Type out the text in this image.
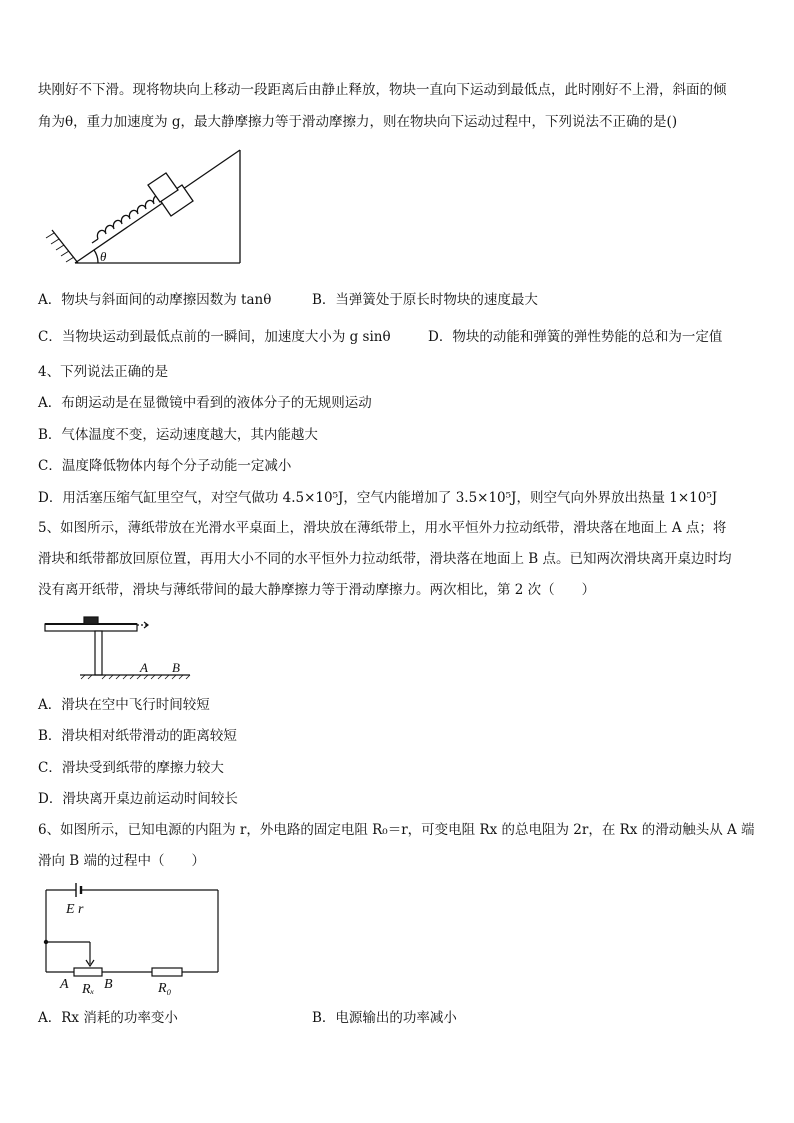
块刚好不下滑。现将物块向上移动一段距离后由静止释放，物块一直向下运动到最低点，此时刚好不上滑，斜面的倾
角为θ，重力加速度为 g，最大静摩擦力等于滑动摩擦力，则在物块向下运动过程中，下列说法不正确的是()
θ
A．物块与斜面间的动摩擦因数为 tanθ	B．当弹簧处于原长时物块的速度最大
C．当物块运动到最低点前的一瞬间，加速度大小为 g sinθ	D．物块的动能和弹簧的弹性势能的总和为一定值
4、下列说法正确的是
A．布朗运动是在显微镜中看到的液体分子的无规则运动
B．气体温度不变，运动速度越大，其内能越大
C．温度降低物体内每个分子动能一定减小
D．用活塞压缩气缸里空气，对空气做功 4.5×10⁵J，空气内能增加了 3.5×10⁵J，则空气向外界放出热量 1×10⁵J
5、如图所示，薄纸带放在光滑水平桌面上，滑块放在薄纸带上，用水平恒外力拉动纸带，滑块落在地面上 A 点；将
滑块和纸带都放回原位置，再用大小不同的水平恒外力拉动纸带，滑块落在地面上 B 点。已知两次滑块离开桌边时均
没有离开纸带，滑块与薄纸带间的最大静摩擦力等于滑动摩擦力。两次相比，第 2 次（　　）
A B
A．滑块在空中飞行时间较短
B．滑块相对纸带滑动的距离较短
C．滑块受到纸带的摩擦力较大
D．滑块离开桌边前运动时间较长
6、如图所示，已知电源的内阻为 r，外电路的固定电阻 R₀＝r，可变电阻 Rx 的总电阻为 2r，在 Rx 的滑动触头从 A 端
滑向 B 端的过程中（　　）
E r
A Rₓ B	R₀
A．Rx 消耗的功率变小	B．电源输出的功率减小
